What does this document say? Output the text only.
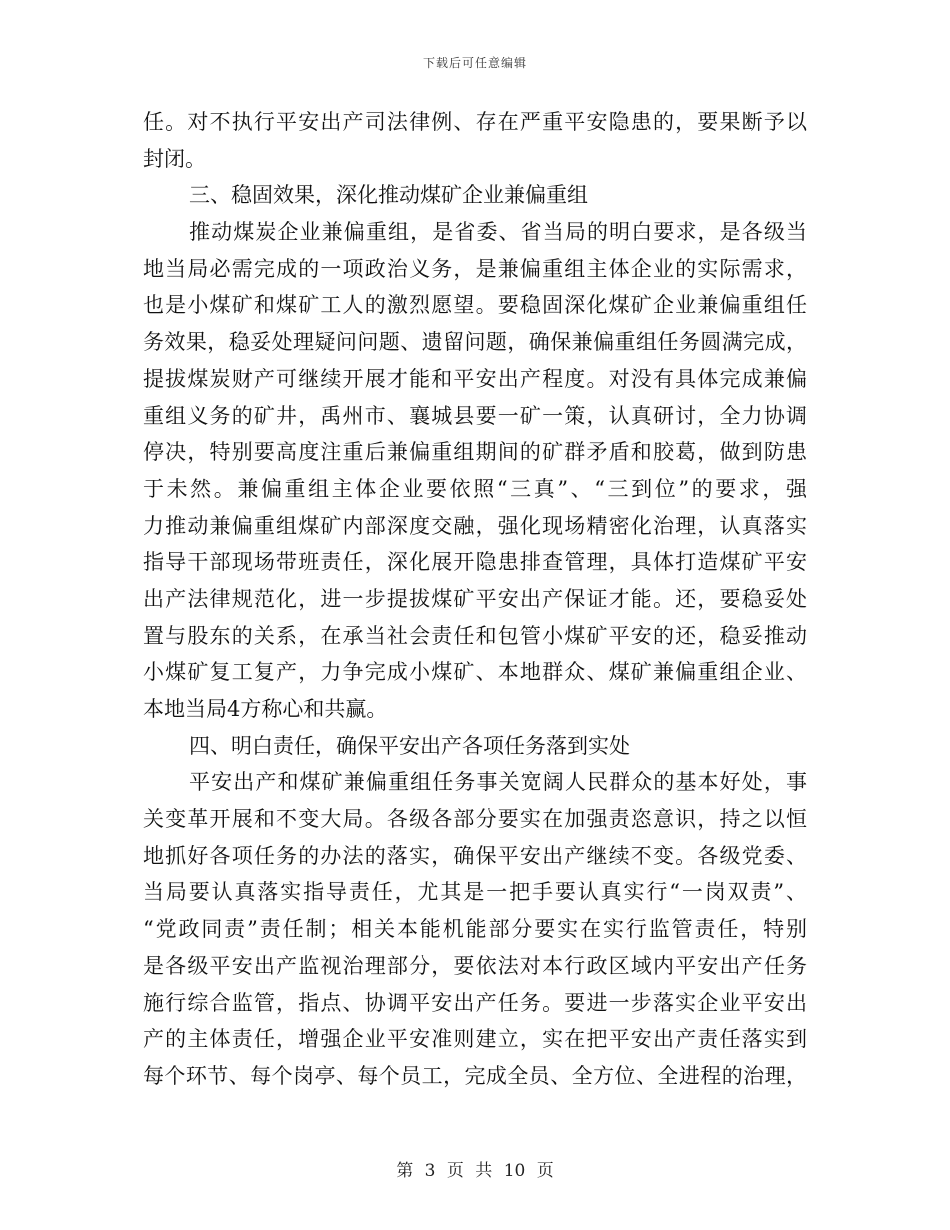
下载后可任意编辑
任。对不执行平安出产司法律例、存在严重平安隐患的，要果断予以
封闭。
三、稳固效果，深化推动煤矿企业兼偏重组
推动煤炭企业兼偏重组，是省委、省当局的明白要求，是各级当
地当局必需完成的一项政治义务，是兼偏重组主体企业的实际需求，
也是小煤矿和煤矿工人的激烈愿望。要稳固深化煤矿企业兼偏重组任
务效果，稳妥处理疑问问题、遗留问题，确保兼偏重组任务圆满完成，
提拔煤炭财产可继续开展才能和平安出产程度。对没有具体完成兼偏
重组义务的矿井，禹州市、襄城县要一矿一策，认真研讨，全力协调
停决，特别要高度注重后兼偏重组期间的矿群矛盾和胶葛，做到防患
于未然。兼偏重组主体企业要依照“三真”、“三到位”的要求，强
力推动兼偏重组煤矿内部深度交融，强化现场精密化治理，认真落实
指导干部现场带班责任，深化展开隐患排查管理，具体打造煤矿平安
出产法律规范化，进一步提拔煤矿平安出产保证才能。还，要稳妥处
置与股东的关系，在承当社会责任和包管小煤矿平安的还，稳妥推动
小煤矿复工复产，力争完成小煤矿、本地群众、煤矿兼偏重组企业、
本地当局4方称心和共赢。
四、明白责任，确保平安出产各项任务落到实处
平安出产和煤矿兼偏重组任务事关宽阔人民群众的基本好处，事
关变革开展和不变大局。各级各部分要实在加强责恣意识，持之以恒
地抓好各项任务的办法的落实，确保平安出产继续不变。各级党委、
当局要认真落实指导责任，尤其是一把手要认真实行“一岗双责”、
“党政同责”责任制；相关本能机能部分要实在实行监管责任，特别
是各级平安出产监视治理部分，要依法对本行政区域内平安出产任务
施行综合监管，指点、协调平安出产任务。要进一步落实企业平安出
产的主体责任，增强企业平安准则建立，实在把平安出产责任落实到
每个环节、每个岗亭、每个员工，完成全员、全方位、全进程的治理，
第 3 页 共 10 页
